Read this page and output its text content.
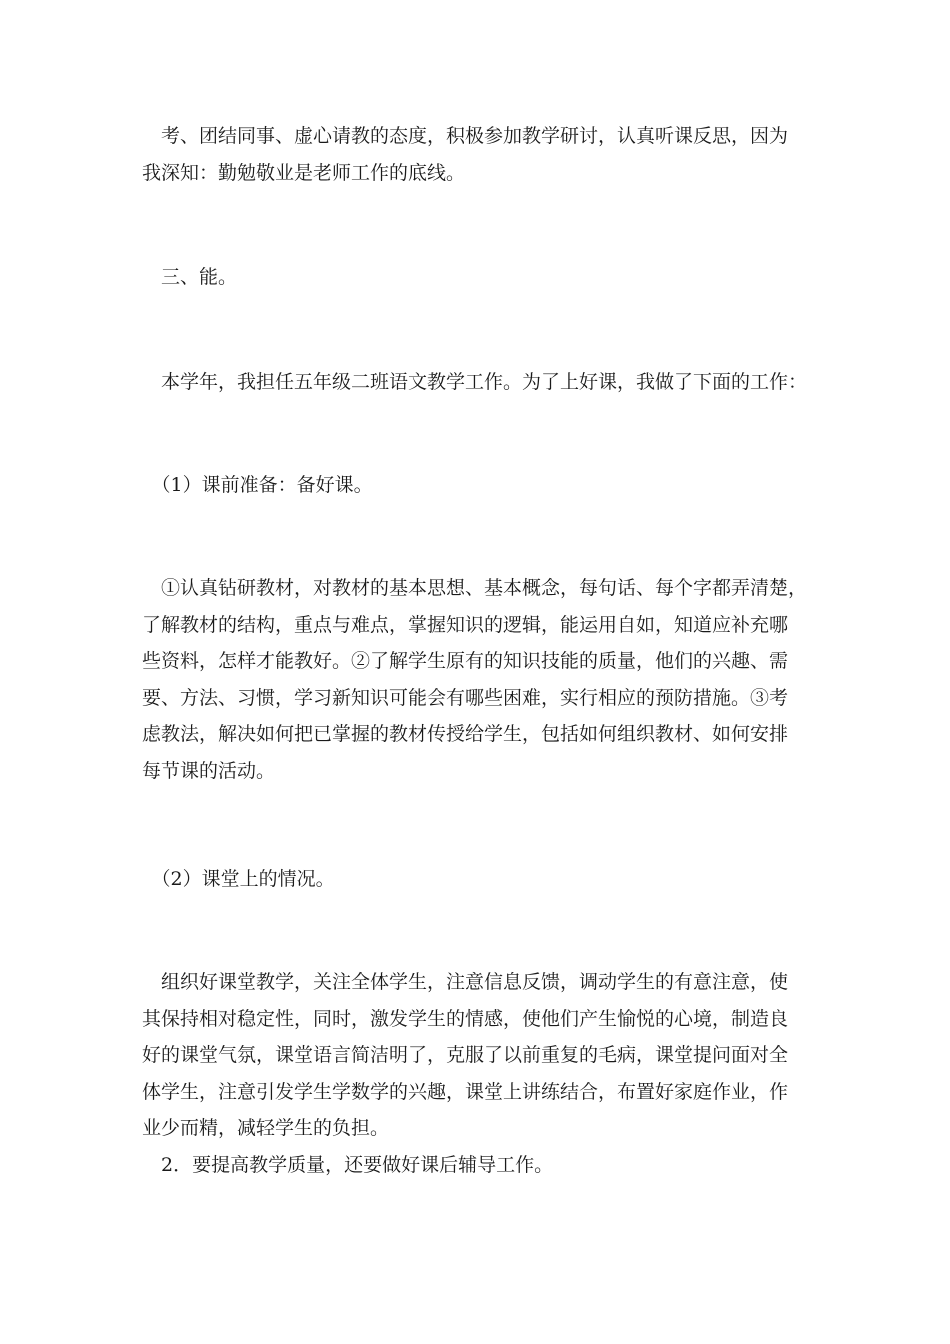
　考、团结同事、虚心请教的态度，积极参加教学研讨，认真听课反思，因为
我深知：勤勉敬业是老师工作的底线。

　三、能。

　本学年，我担任五年级二班语文教学工作。为了上好课，我做了下面的工作：

　（1）课前准备：备好课。

　①认真钻研教材，对教材的基本思想、基本概念，每句话、每个字都弄清楚，
了解教材的结构，重点与难点，掌握知识的逻辑，能运用自如，知道应补充哪
些资料，怎样才能教好。②了解学生原有的知识技能的质量，他们的兴趣、需
要、方法、习惯，学习新知识可能会有哪些困难，实行相应的预防措施。③考
虑教法，解决如何把已掌握的教材传授给学生，包括如何组织教材、如何安排
每节课的活动。

　（2）课堂上的情况。

　组织好课堂教学，关注全体学生，注意信息反馈，调动学生的有意注意，使
其保持相对稳定性，同时，激发学生的情感，使他们产生愉悦的心境，制造良
好的课堂气氛，课堂语言简洁明了，克服了以前重复的毛病，课堂提问面对全
体学生，注意引发学生学数学的兴趣，课堂上讲练结合，布置好家庭作业，作
业少而精，减轻学生的负担。
　2．要提高教学质量，还要做好课后辅导工作。
